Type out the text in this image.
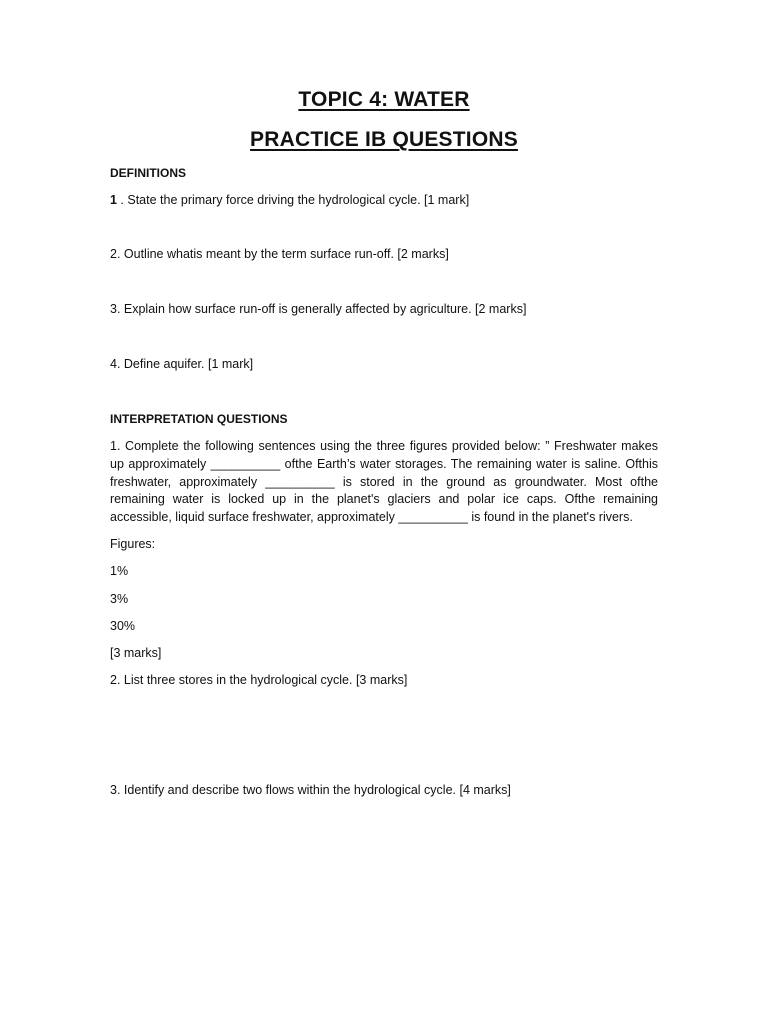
TOPIC 4: WATER
PRACTICE IB QUESTIONS
DEFINITIONS
1 . State the primary force driving the hydrological cycle. [1 mark]
2. Outline whatis meant by the term surface run-off. [2 marks]
3. Explain how surface run-off is generally affected by agriculture. [2 marks]
4. Define aquifer. [1 mark]
INTERPRETATION QUESTIONS
1. Complete the following sentences using the three figures provided below: ” Freshwater makes up approximately __________ ofthe Earth’s water storages. The remaining water is saline. Ofthis freshwater, approximately __________ is stored in the ground as groundwater. Most ofthe remaining water is locked up in the planet's glaciers and polar ice caps. Ofthe remaining accessible, liquid surface freshwater, approximately __________ is found in the planet's rivers.
Figures:
1%
3%
30%
[3 marks]
2. List three stores in the hydrological cycle. [3 marks]
3. Identify and describe two flows within the hydrological cycle. [4 marks]
